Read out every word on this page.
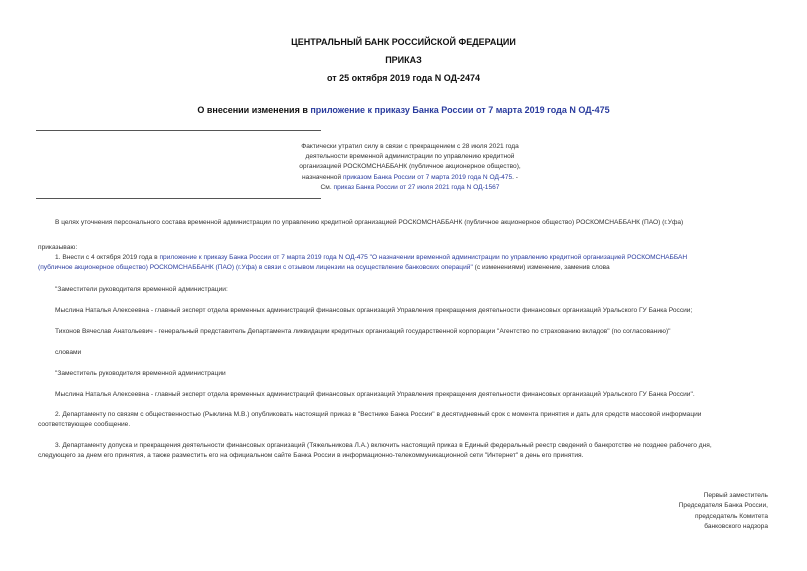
ЦЕНТРАЛЬНЫЙ БАНК РОССИЙСКОЙ ФЕДЕРАЦИИ
ПРИКАЗ
от 25 октября 2019 года N ОД-2474
О внесении изменения в приложение к приказу Банка России от 7 марта 2019 года N ОД-475
Фактически утратил силу в связи с прекращением с 28 июля 2021 года
деятельности временной администрации по управлению кредитной
организацией РОСКОМСНАББАНК (публичное акционерное общество),
назначенной приказом Банка России от 7 марта 2019 года N ОД-475. -
См. приказ Банка России от 27 июля 2021 года N ОД-1567
В целях уточнения персонального состава временной администрации по управлению кредитной организацией РОСКОМСНАББАНК (публичное акционерное общество) РОСКОМСНАББАНК (ПАО) (г.Уфа)
приказываю:
1. Внести с 4 октября 2019 года в приложение к приказу Банка России от 7 марта 2019 года N ОД-475 "О назначении временной администрации по управлению кредитной организацией РОСКОМСНАББАН
(публичное акционерное общество) РОСКОМСНАББАНК (ПАО) (г.Уфа) в связи с отзывом лицензии на осуществление банковских операций" (с изменениями) изменение, заменив слова
"Заместители руководителя временной администрации:
Мыслина Наталья Алексеевна - главный эксперт отдела временных администраций финансовых организаций Управления прекращения деятельности финансовых организаций Уральского ГУ Банка России;
Тихонов Вячеслав Анатольевич - генеральный представитель Департамента ликвидации кредитных организаций государственной корпорации "Агентство по страхованию вкладов" (по согласованию)"
словами
"Заместитель руководителя временной администрации
Мыслина Наталья Алексеевна - главный эксперт отдела временных администраций финансовых организаций Управления прекращения деятельности финансовых организаций Уральского ГУ Банка России".
2. Департаменту по связям с общественностью (Рыклина М.В.) опубликовать настоящий приказ в "Вестнике Банка России" в десятидневный срок с момента принятия и дать для средств массовой информации
соответствующее сообщение.
3. Департаменту допуска и прекращения деятельности финансовых организаций (Тяжельникова Л.А.) включить настоящий приказ в Единый федеральный реестр сведений о банкротстве не позднее рабочего дня,
следующего за днем его принятия, а также разместить его на официальном сайте Банка России в информационно-телекоммуникационной сети "Интернет" в день его принятия.
Первый заместитель
Председателя Банка России,
председатель Комитета
банковского надзора
